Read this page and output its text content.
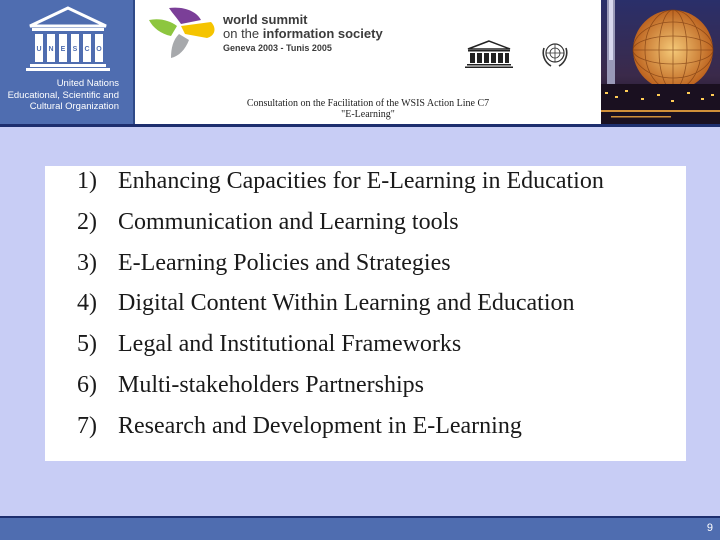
U N E S C O
United Nations
Educational, Scientific and
Cultural Organization
world summit
on the information society
Geneva 2003 - Tunis 2005
Consultation on the Facilitation of the WSIS Action Line C7
"E-Learning"
1) Enhancing Capacities for E-Learning in Education
2) Communication and Learning tools
3) E-Learning Policies and Strategies
4) Digital Content Within Learning and Education
5) Legal and Institutional Frameworks
6) Multi-stakeholders Partnerships
7) Research and Development in E-Learning
9
